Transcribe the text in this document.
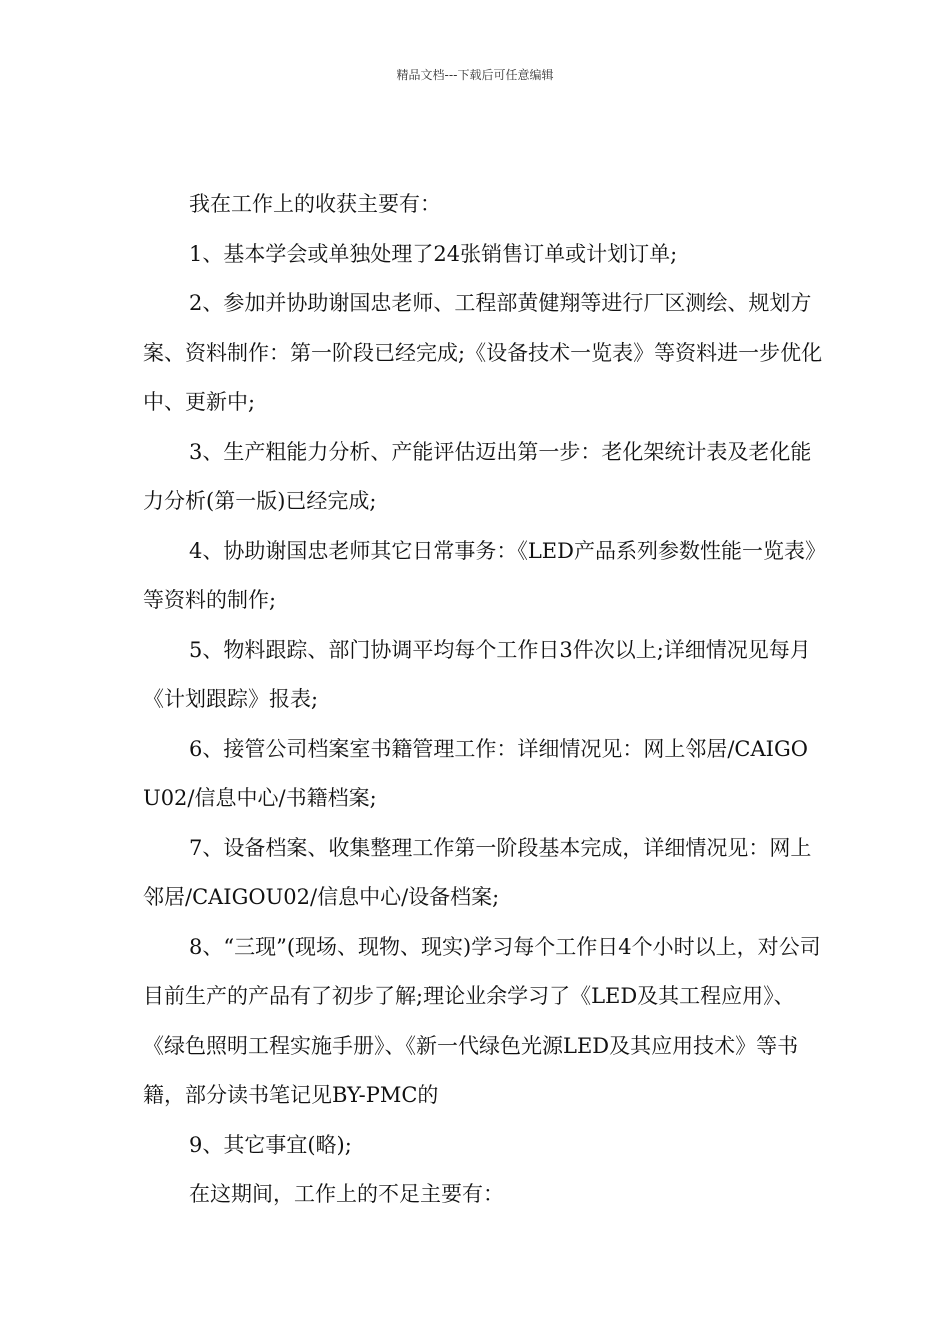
精品文档---下载后可任意编辑

我在工作上的收获主要有：

1、基本学会或单独处理了24张销售订单或计划订单;

2、参加并协助谢国忠老师、工程部黄健翔等进行厂区测绘、规划方案、资料制作：第一阶段已经完成;《设备技术一览表》等资料进一步优化中、更新中;

3、生产粗能力分析、产能评估迈出第一步：老化架统计表及老化能力分析(第一版)已经完成;

4、协助谢国忠老师其它日常事务：《LED产品系列参数性能一览表》等资料的制作;

5、物料跟踪、部门协调平均每个工作日3件次以上;详细情况见每月《计划跟踪》报表;

6、接管公司档案室书籍管理工作：详细情况见：网上邻居/CAIGOU02/信息中心/书籍档案;

7、设备档案、收集整理工作第一阶段基本完成，详细情况见：网上邻居/CAIGOU02/信息中心/设备档案;

8、“三现”(现场、现物、现实)学习每个工作日4个小时以上，对公司目前生产的产品有了初步了解;理论业余学习了《LED及其工程应用》、《绿色照明工程实施手册》、《新一代绿色光源LED及其应用技术》等书籍，部分读书笔记见BY-PMC的

9、其它事宜(略);

在这期间，工作上的不足主要有：
